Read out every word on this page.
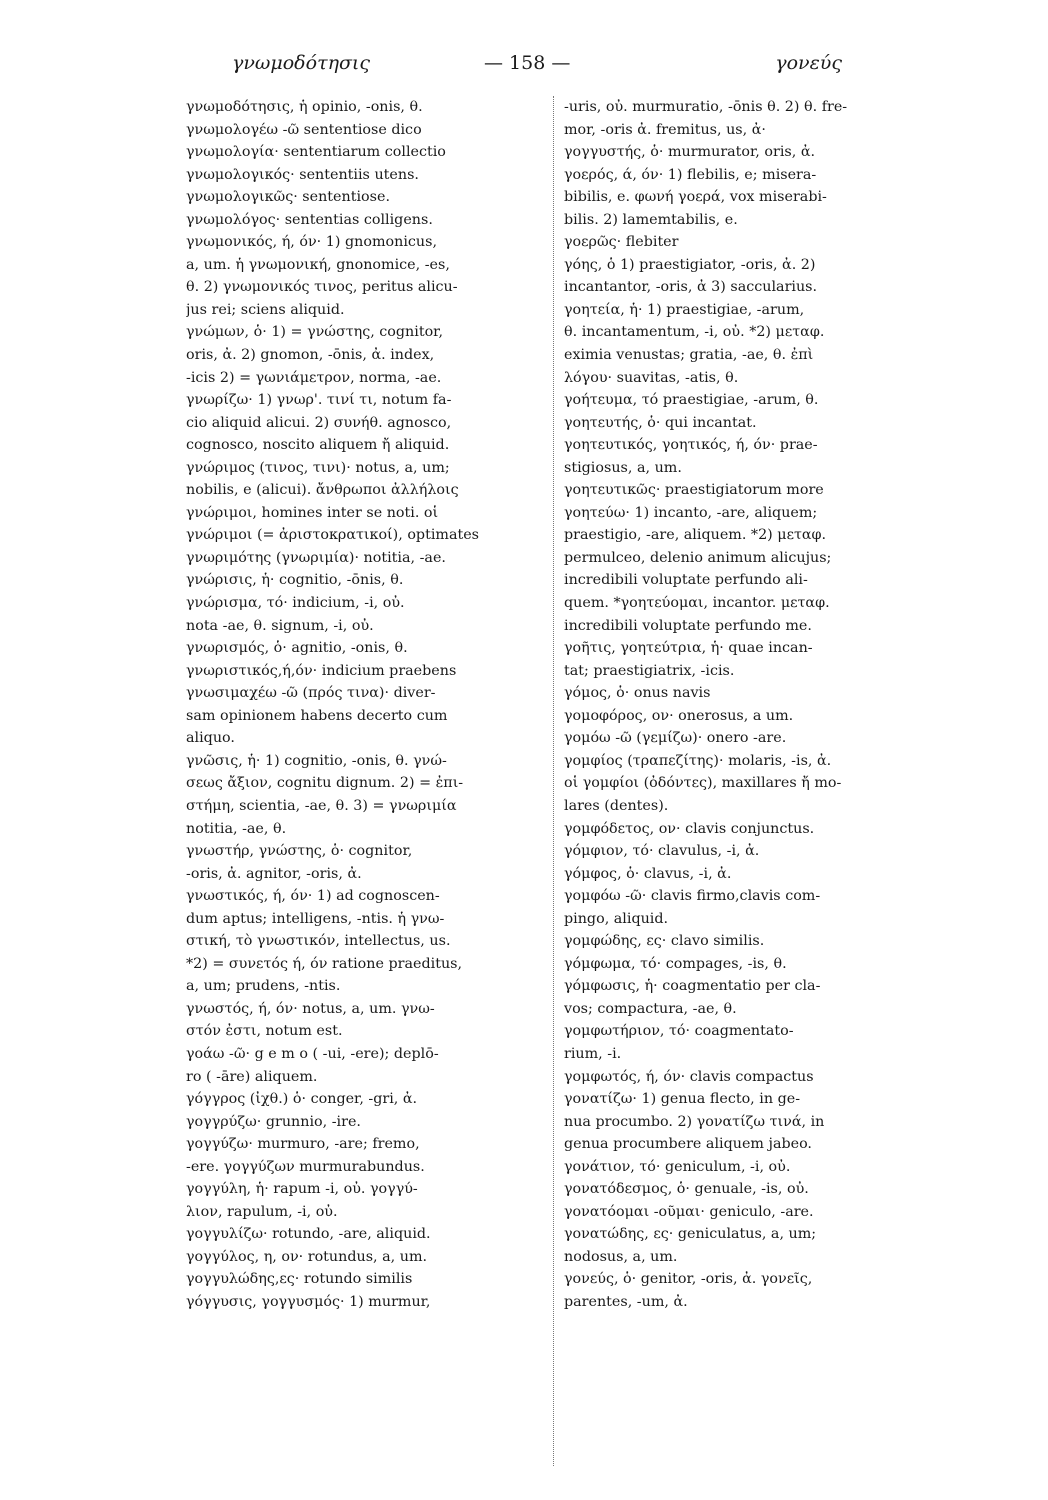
γνωμοδότησις	— 158 —	γονεύς
γνωμοδότησις, ἡ opinio, -onis, θ.
γνωμολογέω -ῶ sententiose dico
γνωμολογία· sententiarum collectio
γνωμολογικός· sententiis utens.
γνωμολογικῶς· sententiose.
γνωμολόγος· sententias colligens.
γνωμονικός, ή, όν· 1) gnomonicus,
a, um. ἡ γνωμονική, gnonomice, -es,
θ. 2) γνωμονικός τινος, peritus alicu-
jus rei; sciens aliquid.
γνώμων, ὁ· 1) = γνώστης, cognitor,
oris, ἀ. 2) gnomon, -ōnis, ἀ. index,
-icis 2) = γωνιάμετρον, norma, -ae.
γνωρίζω· 1) γνωρ'. τινί τι, notum fa-
cio aliquid alicui. 2) συνήθ. agnosco,
cognosco, noscito aliquem ἤ aliquid.
γνώριμος (τινος, τινι)· notus, a, um;
nobilis, e (alicui). ἄνθρωποι ἀλλήλοις
γνώριμοι, homines inter se noti. οἱ
γνώριμοι (= ἀριστοκρατικοί), optimates
γνωριμότης (γνωριμία)· notitia, -ae.
γνώρισις, ἡ· cognitio, -ōnis, θ.
γνώρισμα, τό· indicium, -i, οὐ.
nota -ae, θ. signum, -i, οὐ.
γνωρισμός, ὁ· agnitio, -onis, θ.
γνωριστικός,ή,όν· indicium praebens
γνωσιμαχέω -ῶ (πρός τινα)· diver-
sam opinionem habens decerto cum
aliquo.
γνῶσις, ἡ· 1) cognitio, -onis, θ. γνώ-
σεως ἄξιον, cognitu dignum. 2) = ἐπι-
στήμη, scientia, -ae, θ. 3) = γνωριμία
notitia, -ae, θ.
γνωστήρ, γνώστης, ὁ· cognitor,
-oris, ἀ. agnitor, -oris, ἀ.
γνωστικός, ή, όν· 1) ad cognoscen-
dum aptus; intelligens, -ntis. ἡ γνω-
στική, τὸ γνωστικόν, intellectus, us.
*2) = συνετός ή, όν ratione praeditus,
a, um; prudens, -ntis.
γνωστός, ή, όν· notus, a, um. γνω-
στόν ἐστι, notum est.
γοάω -ῶ· g e m o ( -ui, -ere); deplō-
ro ( -āre) aliquem.
γόγγρος (ἰχθ.) ὁ· conger, -gri, ἀ.
γογγρύζω· grunnio, -ire.
γογγύζω· murmuro, -are; fremo,
-ere. γογγύζων murmurabundus.
γογγύλη, ἡ· rapum -i, οὐ. γογγύ-
λιον, rapulum, -i, οὐ.
γογγυλίζω· rotundo, -are, aliquid.
γογγύλος, η, ον· rotundus, a, um.
γογγυλώδης,ες· rotundo similis
γόγγυσις, γογγυσμός· 1) murmur,
-uris, οὐ. murmuratio, -ōnis θ. 2) θ. fre-
mor, -oris ἀ. fremitus, us, ἀ·
γογγυστής, ὁ· murmurator, oris, ἀ.
γοερός, ά, όν· 1) flebilis, e; misera-
bibilis, e. φωνή γοερά, vox miserabi-
bilis. 2) lamemtabilis, e.
γοερῶς· flebiter
γόης, ὁ 1) praestigiator, -oris, ἀ. 2)
incantantor, -oris, ἀ 3) saccularius.
γοητεία, ἡ· 1) praestigiae, -arum,
θ. incantamentum, -i, οὐ. *2) μεταφ.
eximia venustas; gratia, -ae, θ. ἐπὶ
λόγου· suavitas, -atis, θ.
γοήτευμα, τό praestigiae, -arum, θ.
γοητευτής, ὁ· qui incantat.
γοητευτικός, γοητικός, ή, όν· prae-
stigiosus, a, um.
γοητευτικῶς· praestigiatorum more
γοητεύω· 1) incanto, -are, aliquem;
praestigio, -are, aliquem. *2) μεταφ.
permulceo, delenio animum alicujus;
incredibili voluptate perfundo ali-
quem. *γοητεύομαι, incantor. μεταφ.
incredibili voluptate perfundo me.
γοῆτις, γοητεύτρια, ἡ· quae incan-
tat; praestigiatrix, -icis.
γόμος, ὁ· onus navis
γομοφόρος, ον· onerosus, a um.
γομόω -ῶ (γεμίζω)· onero -are.
γομφίος (τραπεζίτης)· molaris, -is, ἀ.
οἱ γομφίοι (ὀδόντες), maxillares ἤ mo-
lares (dentes).
γομφόδετος, ον· clavis conjunctus.
γόμφιον, τό· clavulus, -i, ἀ.
γόμφος, ὁ· clavus, -i, ἀ.
γομφόω -ῶ· clavis firmo,clavis com-
pingo, aliquid.
γομφώδης, ες· clavo similis.
γόμφωμα, τό· compages, -is, θ.
γόμφωσις, ἡ· coagmentatio per cla-
vos; compactura, -ae, θ.
γομφωτήριον, τό· coagmentato-
rium, -i.
γομφωτός, ή, όν· clavis compactus
γονατίζω· 1) genua flecto, in ge-
nua procumbo. 2) γονατίζω τινά, in
genua procumbere aliquem jabeo.
γονάτιον, τό· geniculum, -i, οὐ.
γονατόδεσμος, ὁ· genuale, -is, οὐ.
γονατόομαι -οῦμαι· geniculo, -are.
γονατώδης, ες· geniculatus, a, um;
nodosus, a, um.
γονεύς, ὁ· genitor, -oris, ἀ. γονεῖς,
parentes, -um, ἀ.
